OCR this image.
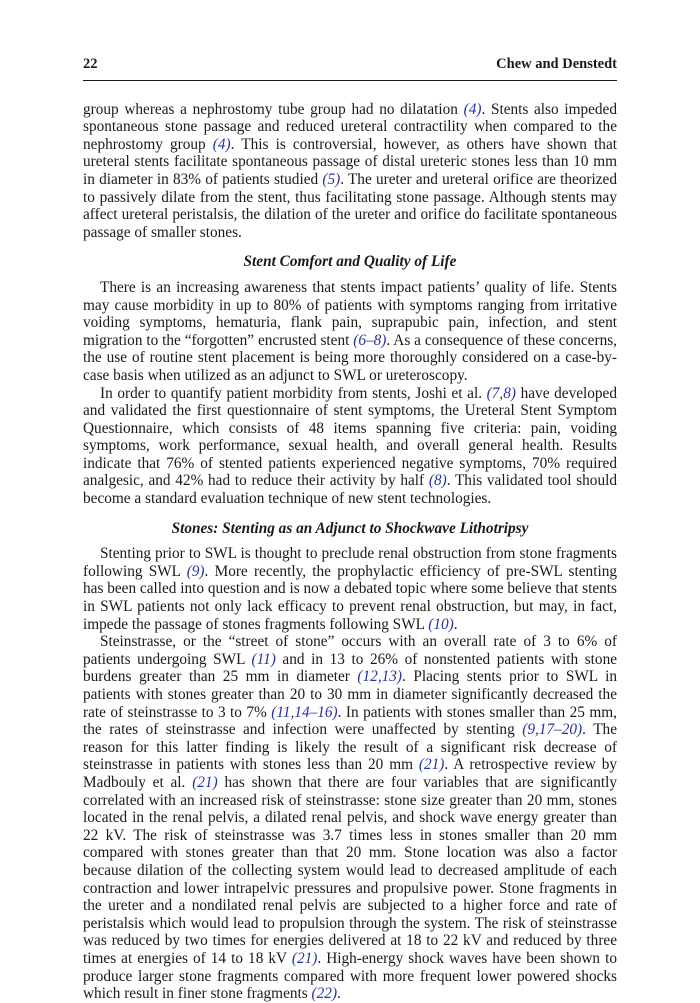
22	Chew and Denstedt

group whereas a nephrostomy tube group had no dilatation (4). Stents also impeded spontaneous stone passage and reduced ureteral contractility when compared to the nephrostomy group (4). This is controversial, however, as others have shown that ureteral stents facilitate spontaneous passage of distal ureteric stones less than 10 mm in diameter in 83% of patients studied (5). The ureter and ureteral orifice are theorized to passively dilate from the stent, thus facilitating stone passage. Although stents may affect ureteral peristalsis, the dilation of the ureter and orifice do facilitate spontaneous passage of smaller stones.

Stent Comfort and Quality of Life

There is an increasing awareness that stents impact patients’ quality of life. Stents may cause morbidity in up to 80% of patients with symptoms ranging from irritative voiding symptoms, hematuria, flank pain, suprapubic pain, infection, and stent migration to the “forgotten” encrusted stent (6–8). As a consequence of these concerns, the use of routine stent placement is being more thoroughly considered on a case-by-case basis when utilized as an adjunct to SWL or ureteroscopy.

In order to quantify patient morbidity from stents, Joshi et al. (7,8) have developed and validated the first questionnaire of stent symptoms, the Ureteral Stent Symptom Questionnaire, which consists of 48 items spanning five criteria: pain, voiding symptoms, work performance, sexual health, and overall general health. Results indicate that 76% of stented patients experienced negative symptoms, 70% required analgesic, and 42% had to reduce their activity by half (8). This validated tool should become a standard evaluation technique of new stent technologies.

Stones: Stenting as an Adjunct to Shockwave Lithotripsy

Stenting prior to SWL is thought to preclude renal obstruction from stone fragments following SWL (9). More recently, the prophylactic efficiency of pre-SWL stenting has been called into question and is now a debated topic where some believe that stents in SWL patients not only lack efficacy to prevent renal obstruction, but may, in fact, impede the passage of stones fragments following SWL (10).

Steinstrasse, or the “street of stone” occurs with an overall rate of 3 to 6% of patients undergoing SWL (11) and in 13 to 26% of nonstented patients with stone burdens greater than 25 mm in diameter (12,13). Placing stents prior to SWL in patients with stones greater than 20 to 30 mm in diameter significantly decreased the rate of steinstrasse to 3 to 7% (11,14–16). In patients with stones smaller than 25 mm, the rates of steinstrasse and infection were unaffected by stenting (9,17–20). The reason for this latter finding is likely the result of a significant risk decrease of steinstrasse in patients with stones less than 20 mm (21). A retrospective review by Madbouly et al. (21) has shown that there are four variables that are significantly correlated with an increased risk of steinstrasse: stone size greater than 20 mm, stones located in the renal pelvis, a dilated renal pelvis, and shock wave energy greater than 22 kV. The risk of steinstrasse was 3.7 times less in stones smaller than 20 mm compared with stones greater than that 20 mm. Stone location was also a factor because dilation of the collecting system would lead to decreased amplitude of each contraction and lower intrapelvic pressures and propulsive power. Stone fragments in the ureter and a nondilated renal pelvis are subjected to a higher force and rate of peristalsis which would lead to propulsion through the system. The risk of steinstrasse was reduced by two times for energies delivered at 18 to 22 kV and reduced by three times at energies of 14 to 18 kV (21). High-energy shock waves have been shown to produce larger stone fragments compared with more frequent lower powered shocks which result in finer stone fragments (22).
